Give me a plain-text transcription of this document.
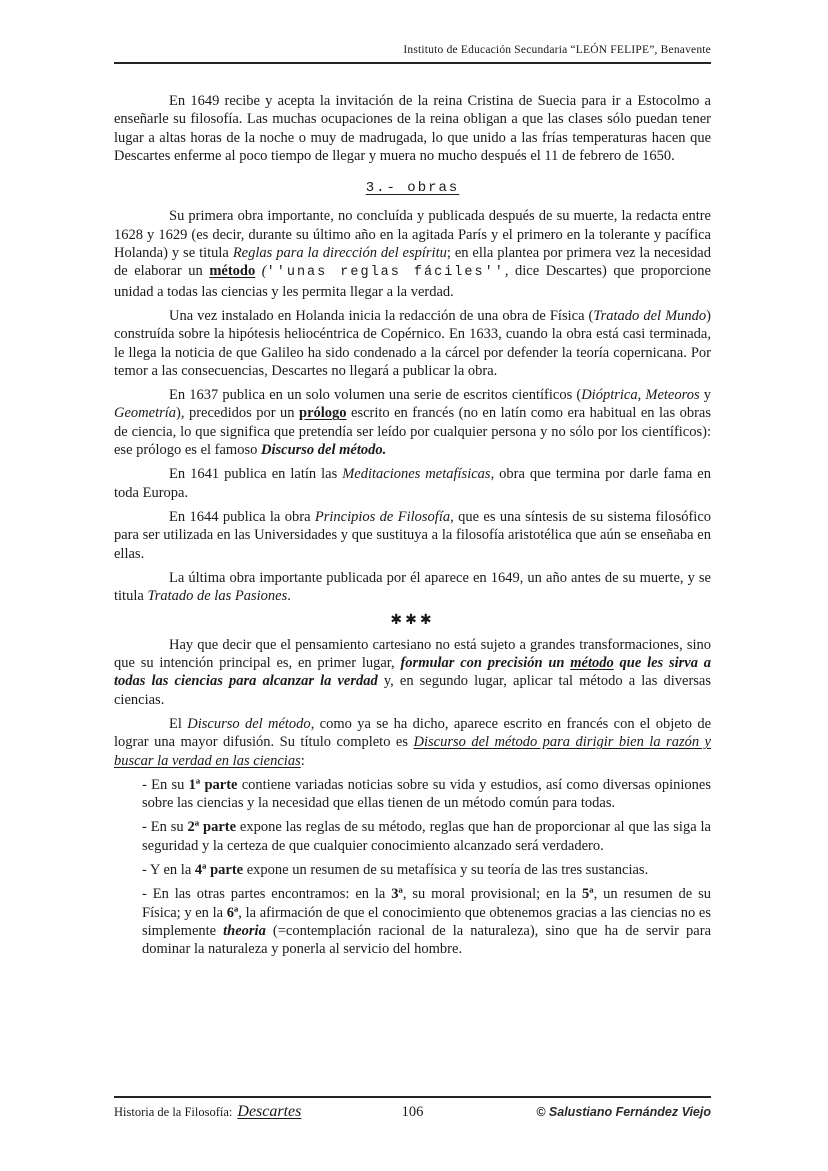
Instituto de Educación Secundaria “LEÓN FELIPE”, Benavente
En 1649 recibe y acepta la invitación de la reina Cristina de Suecia para ir a Estocolmo a enseñarle su filosofía. Las muchas ocupaciones de la reina obligan a que las clases sólo puedan tener lugar a altas horas de la noche o muy de madrugada, lo que unido a las frías temperaturas hacen que Descartes enferme al poco tiempo de llegar y muera no mucho después el 11 de febrero de 1650.
3.- obras
Su primera obra importante, no concluída y publicada después de su muerte, la redacta entre 1628 y 1629 (es decir, durante su último año en la agitada París y el primero en la tolerante y pacífica Holanda) y se titula Reglas para la dirección del espíritu; en ella plantea por primera vez la necesidad de elaborar un método (''unas reglas fáciles'', dice Descartes) que proporcione unidad a todas las ciencias y les permita llegar a la verdad.
Una vez instalado en Holanda inicia la redacción de una obra de Física (Tratado del Mundo) construída sobre la hipótesis heliocéntrica de Copérnico. En 1633, cuando la obra está casi terminada, le llega la noticia de que Galileo ha sido condenado a la cárcel por defender la teoría copernicana. Por temor a las consecuencias, Descartes no llegará a publicar la obra.
En 1637 publica en un solo volumen una serie de escritos científicos (Dióptrica, Meteoros y Geometría), precedidos por un prólogo escrito en francés (no en latín como era habitual en las obras de ciencia, lo que significa que pretendía ser leído por cualquier persona y no sólo por los científicos): ese prólogo es el famoso Discurso del método.
En 1641 publica en latín las Meditaciones metafísicas, obra que termina por darle fama en toda Europa.
En 1644 publica la obra Principios de Filosofía, que es una síntesis de su sistema filosófico para ser utilizada en las Universidades y que sustituya a la filosofía aristotélica que aún se enseñaba en ellas.
La última obra importante publicada por él aparece en 1649, un año antes de su muerte, y se titula Tratado de las Pasiones.
✱✱✱
Hay que decir que el pensamiento cartesiano no está sujeto a grandes transformaciones, sino que su intención principal es, en primer lugar, formular con precisión un método que les sirva a todas las ciencias para alcanzar la verdad y, en segundo lugar, aplicar tal método a las diversas ciencias.
El Discurso del método, como ya se ha dicho, aparece escrito en francés con el objeto de lograr una mayor difusión. Su título completo es Discurso del método para dirigir bien la razón y buscar la verdad en las ciencias:
- En su 1ª parte contiene variadas noticias sobre su vida y estudios, así como diversas opiniones sobre las ciencias y la necesidad que ellas tienen de un método común para todas.
- En su 2ª parte expone las reglas de su método, reglas que han de proporcionar al que las siga la seguridad y la certeza de que cualquier conocimiento alcanzado será verdadero.
- Y en la 4ª parte expone un resumen de su metafísica y su teoría de las tres sustancias.
- En las otras partes encontramos: en la 3ª, su moral provisional; en la 5ª, un resumen de su Física; y en la 6ª, la afirmación de que el conocimiento que obtenemos gracias a las ciencias no es simplemente theoria (=contemplación racional de la naturaleza), sino que ha de servir para dominar la naturaleza y ponerla al servicio del hombre.
Historia de la Filosofía: Descartes	106	© Salustiano Fernández Viejo
